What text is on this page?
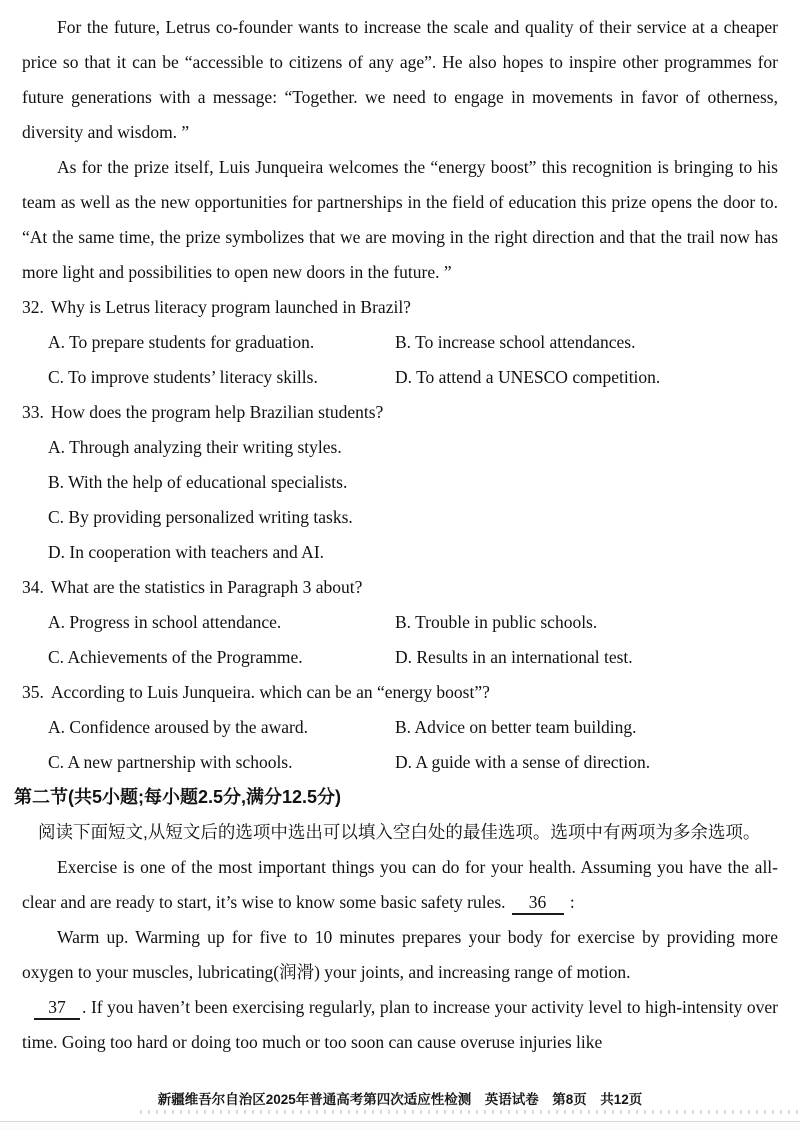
For the future, Letrus co-founder wants to increase the scale and quality of their service at a cheaper price so that it can be “accessible to citizens of any age”. He also hopes to inspire other programmes for future generations with a message: “Together. we need to engage in movements in favor of otherness, diversity and wisdom. ”

As for the prize itself, Luis Junqueira welcomes the “energy boost” this recognition is bringing to his team as well as the new opportunities for partnerships in the field of education this prize opens the door to. “At the same time, the prize symbolizes that we are moving in the right direction and that the trail now has more light and possibilities to open new doors in the future. ”

32. Why is Letrus literacy program launched in Brazil?
A. To prepare students for graduation.	B. To increase school attendances.
C. To improve students’ literacy skills.	D. To attend a UNESCO competition.
33. How does the program help Brazilian students?
A. Through analyzing their writing styles.
B. With the help of educational specialists.
C. By providing personalized writing tasks.
D. In cooperation with teachers and AI.
34. What are the statistics in Paragraph 3 about?
A. Progress in school attendance.	B. Trouble in public schools.
C. Achievements of the Programme.	D. Results in an international test.
35. According to Luis Junqueira. which can be an “energy boost”?
A. Confidence aroused by the award.	B. Advice on better team building.
C. A new partnership with schools.	D. A guide with a sense of direction.
第二节(共5小题;每小题2.5分,满分12.5分)

阅读下面短文,从短文后的选项中选出可以填入空白处的最佳选项。选项中有两项为多余选项。

Exercise is one of the most important things you can do for your health. Assuming you have the all-clear and are ready to start, it’s wise to know some basic safety rules. 36 :

Warm up. Warming up for five to 10 minutes prepares your body for exercise by providing more oxygen to your muscles, lubricating(润滑) your joints, and increasing range of motion.

37 . If you haven’t been exercising regularly, plan to increase your activity level to high-intensity over time. Going too hard or doing too much or too soon can cause overuse injuries like

新疆维吾尔自治区2025年普通高考第四次适应性检测　英语试卷　第8页　共12页
